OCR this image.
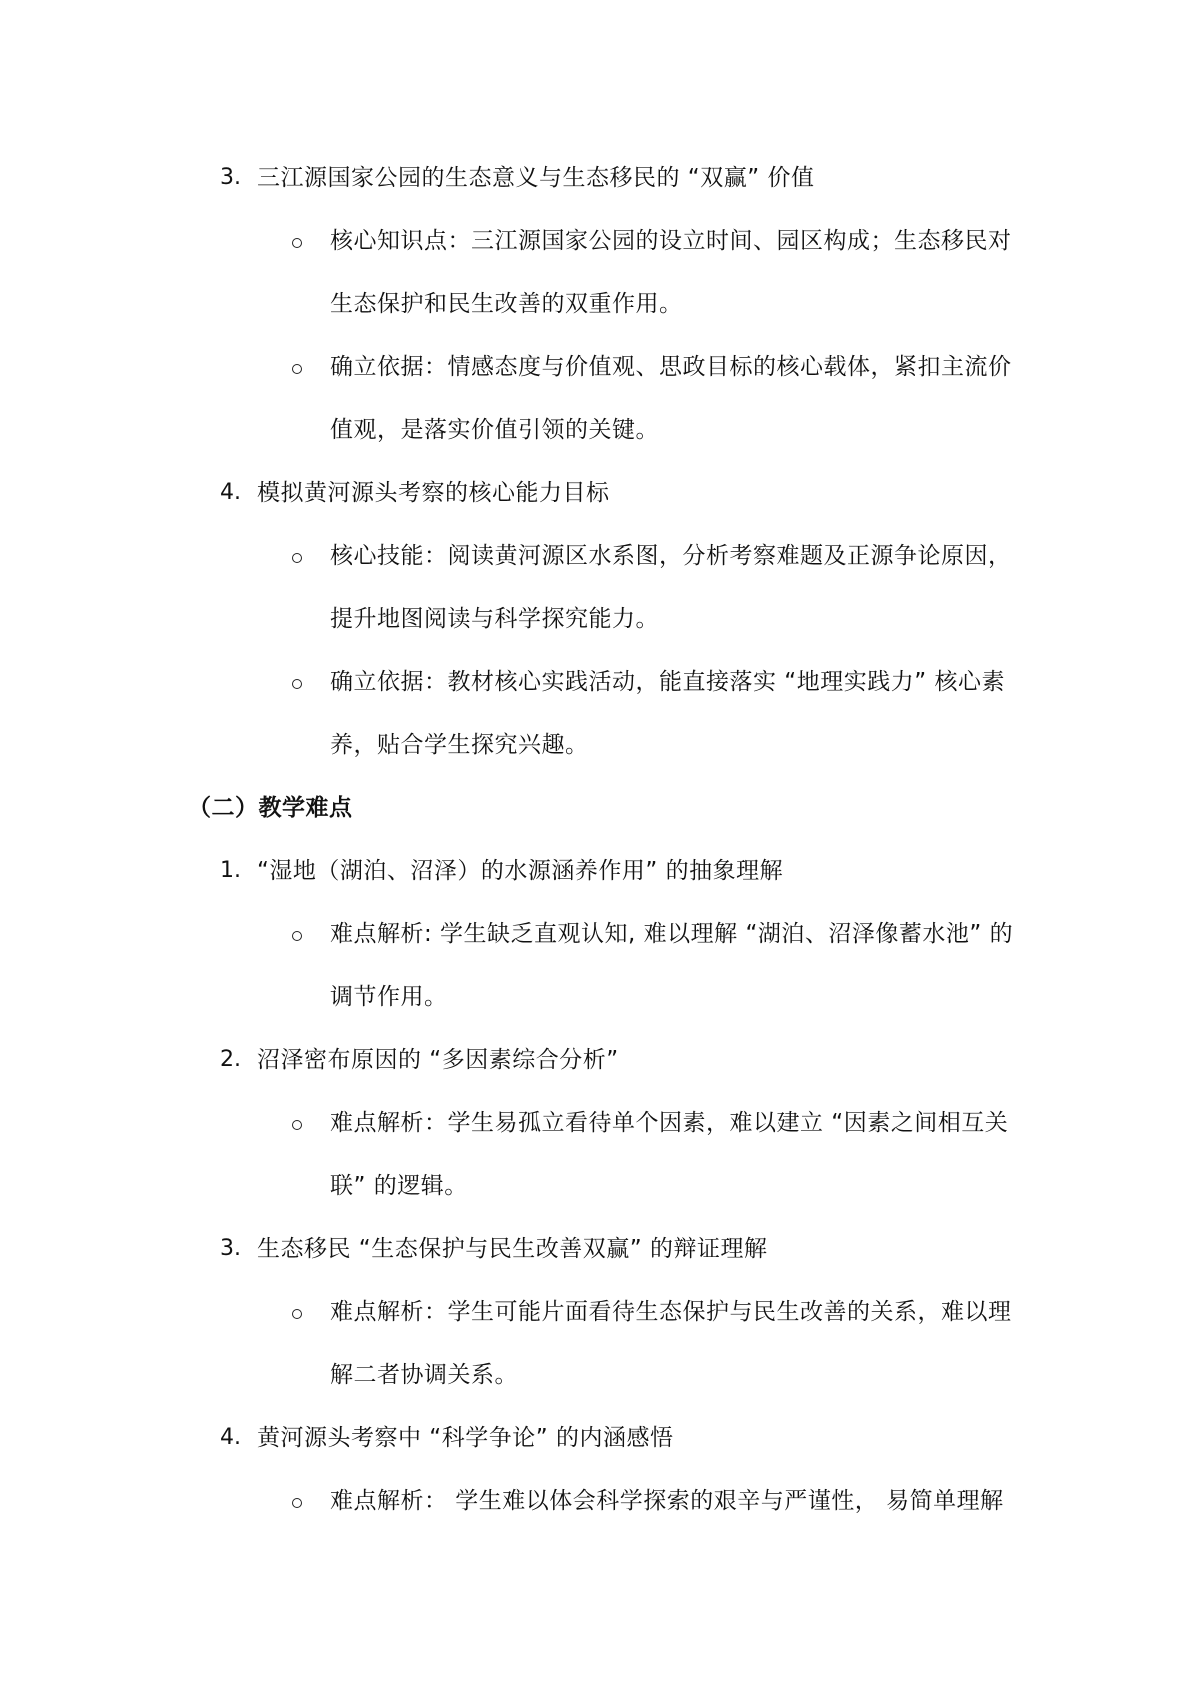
3. 三江源国家公园的生态意义与生态移民的 “双赢” 价值
核心知识点：三江源国家公园的设立时间、园区构成；生态移民对
生态保护和民生改善的双重作用。
确立依据：情感态度与价值观、思政目标的核心载体，紧扣主流价
值观，是落实价值引领的关键。
4. 模拟黄河源头考察的核心能力目标
核心技能：阅读黄河源区水系图，分析考察难题及正源争论原因，
提升地图阅读与科学探究能力。
确立依据：教材核心实践活动，能直接落实 “地理实践力” 核心素
养，贴合学生探究兴趣。
（二）教学难点
1. “湿地（湖泊、沼泽）的水源涵养作用” 的抽象理解
难点解析: 学生缺乏直观认知, 难以理解 “湖泊、沼泽像蓄水池” 的
调节作用。
2. 沼泽密布原因的 “多因素综合分析”
难点解析：学生易孤立看待单个因素，难以建立 “因素之间相互关
联” 的逻辑。
3. 生态移民 “生态保护与民生改善双赢” 的辩证理解
难点解析：学生可能片面看待生态保护与民生改善的关系，难以理
解二者协调关系。
4. 黄河源头考察中 “科学争论” 的内涵感悟
难点解析： 学生难以体会科学探索的艰辛与严谨性， 易简单理解
